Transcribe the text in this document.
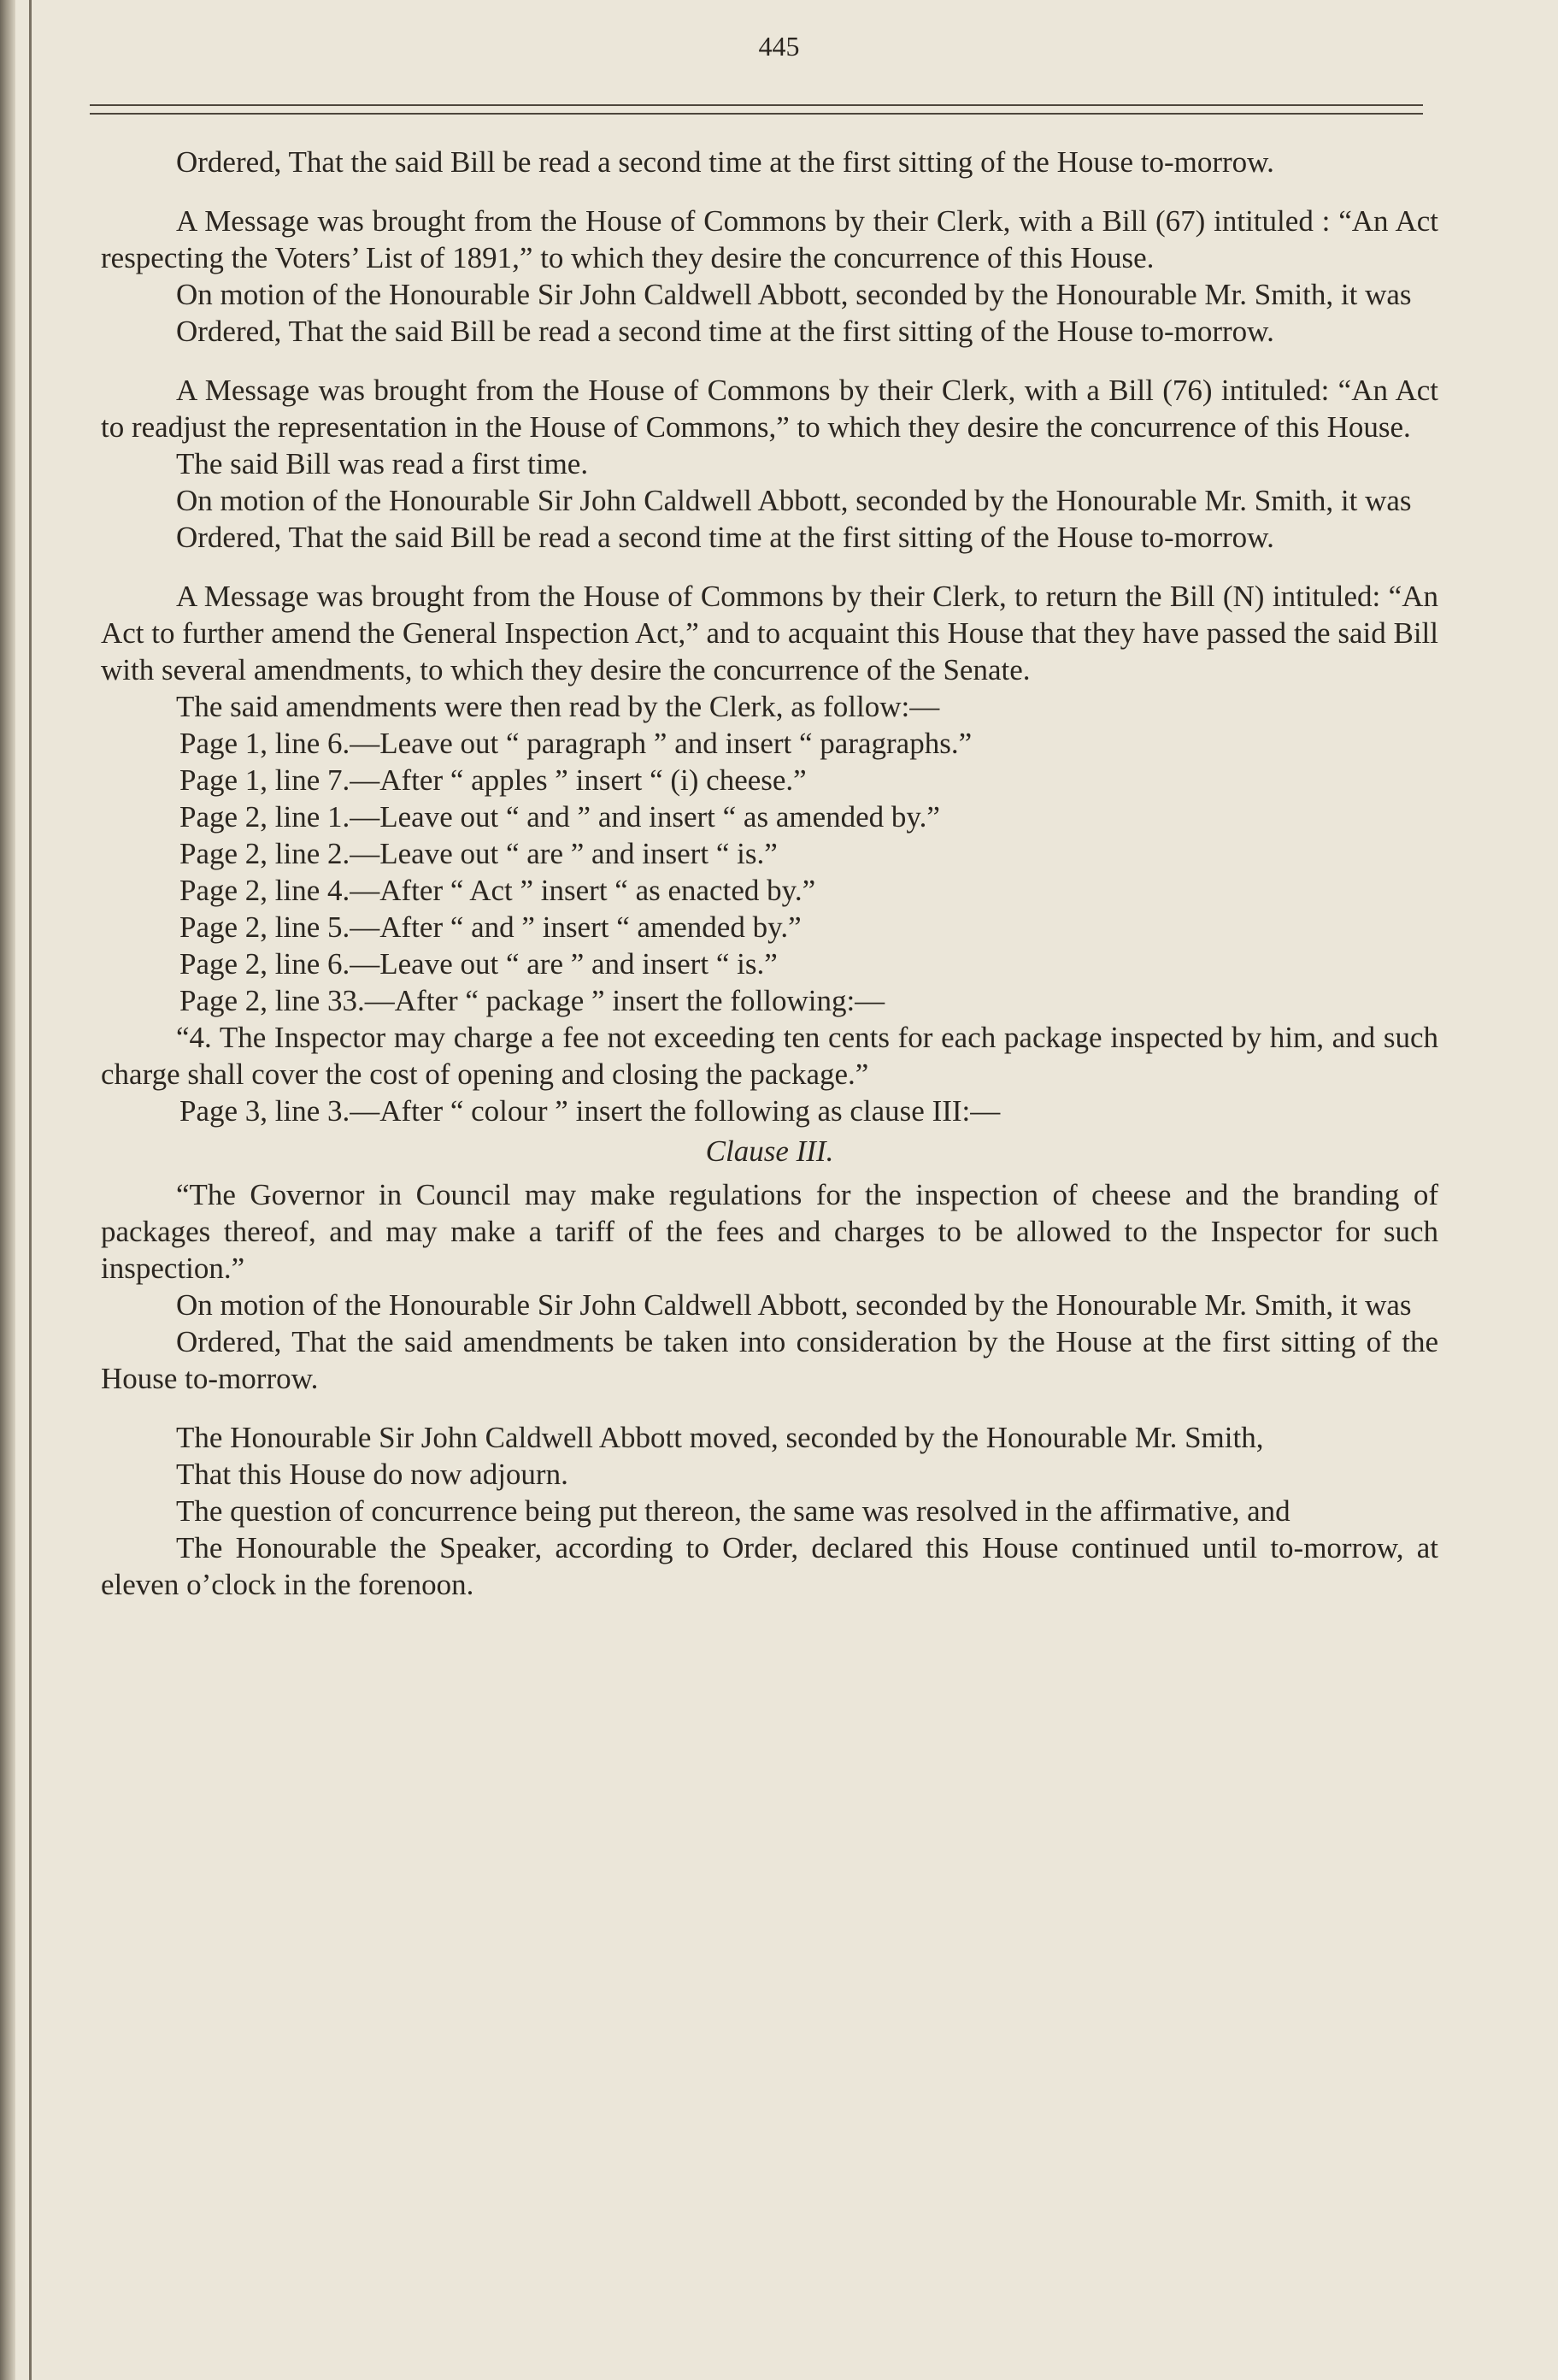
445

Ordered, That the said Bill be read a second time at the first sitting of the House to-morrow.

A Message was brought from the House of Commons by their Clerk, with a Bill (67) intituled : “An Act respecting the Voters’ List of 1891,” to which they desire the concurrence of this House.

On motion of the Honourable Sir John Caldwell Abbott, seconded by the Honourable Mr. Smith, it was

Ordered, That the said Bill be read a second time at the first sitting of the House to-morrow.

A Message was brought from the House of Commons by their Clerk, with a Bill (76) intituled: “An Act to readjust the representation in the House of Commons,” to which they desire the concurrence of this House.

The said Bill was read a first time.

On motion of the Honourable Sir John Caldwell Abbott, seconded by the Honourable Mr. Smith, it was

Ordered, That the said Bill be read a second time at the first sitting of the House to-morrow.

A Message was brought from the House of Commons by their Clerk, to return the Bill (N) intituled: “An Act to further amend the General Inspection Act,” and to acquaint this House that they have passed the said Bill with several amendments, to which they desire the concurrence of the Senate.

The said amendments were then read by the Clerk, as follow:—

Page 1, line 6.—Leave out “ paragraph ” and insert “ paragraphs.”

Page 1, line 7.—After “ apples ” insert “ (i) cheese.”

Page 2, line 1.—Leave out “ and ” and insert “ as amended by.”

Page 2, line 2.—Leave out “ are ” and insert “ is.”

Page 2, line 4.—After “ Act ” insert “ as enacted by.”

Page 2, line 5.—After “ and ” insert “ amended by.”

Page 2, line 6.—Leave out “ are ” and insert “ is.”

Page 2, line 33.—After “ package ” insert the following:—

“4. The Inspector may charge a fee not exceeding ten cents for each package inspected by him, and such charge shall cover the cost of opening and closing the package.”

Page 3, line 3.—After “ colour ” insert the following as clause III:—

Clause III.

“The Governor in Council may make regulations for the inspection of cheese and the branding of packages thereof, and may make a tariff of the fees and charges to be allowed to the Inspector for such inspection.”

On motion of the Honourable Sir John Caldwell Abbott, seconded by the Honourable Mr. Smith, it was

Ordered, That the said amendments be taken into consideration by the House at the first sitting of the House to-morrow.

The Honourable Sir John Caldwell Abbott moved, seconded by the Honourable Mr. Smith,

That this House do now adjourn.

The question of concurrence being put thereon, the same was resolved in the affirmative, and

The Honourable the Speaker, according to Order, declared this House continued until to-morrow, at eleven o’clock in the forenoon.
